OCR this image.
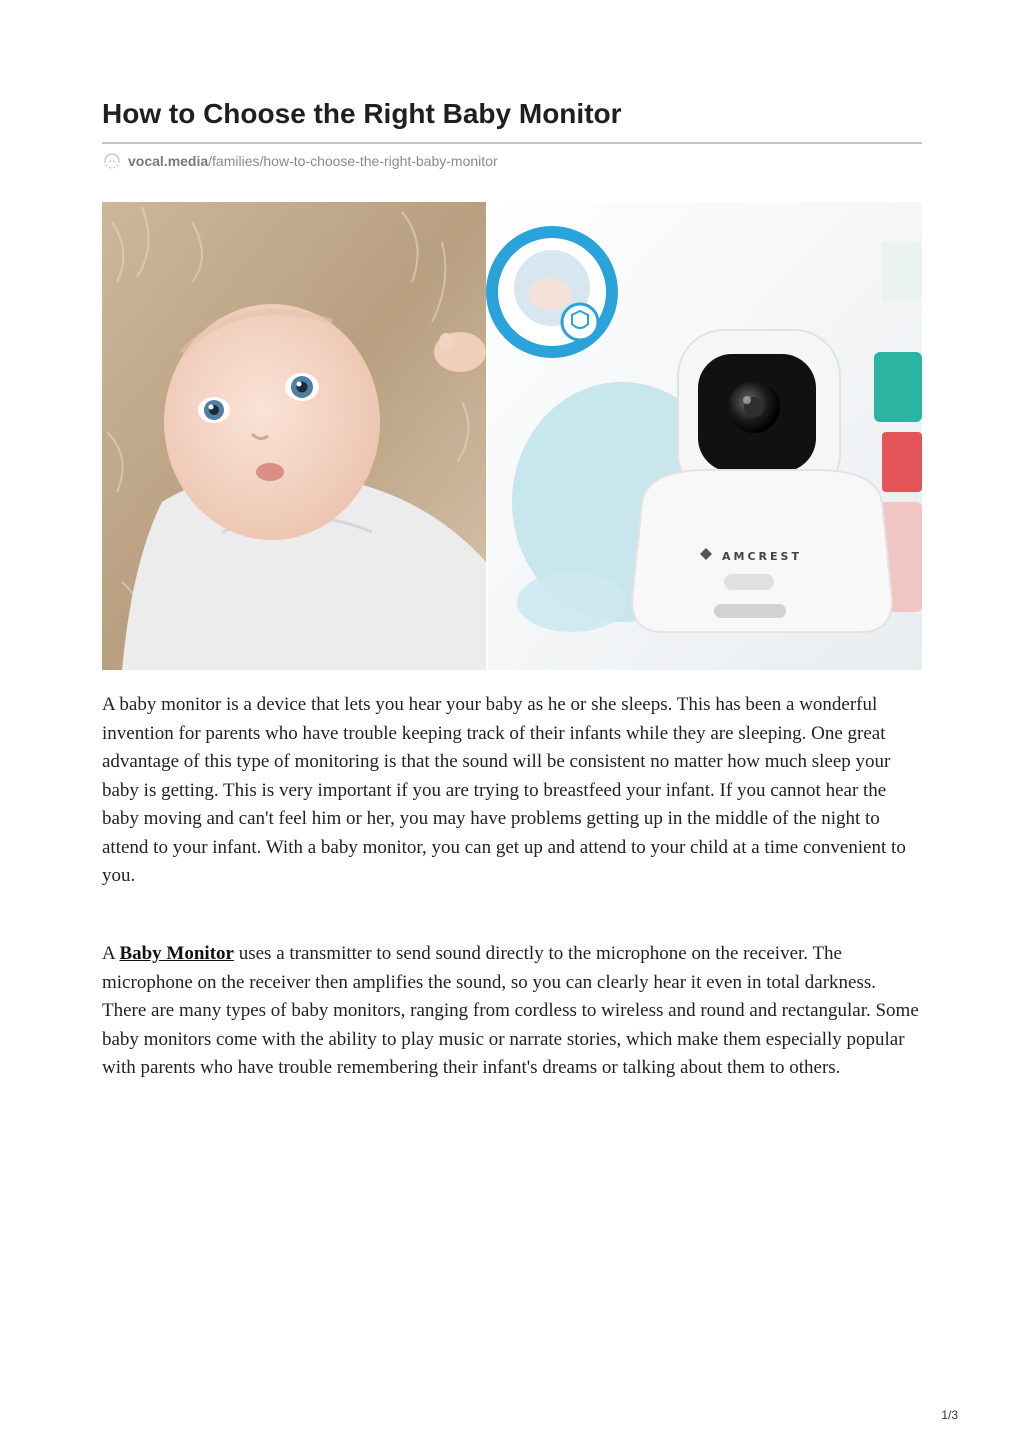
How to Choose the Right Baby Monitor
•• vocal.media /families/how-to-choose-the-right-baby-monitor
AMCREST

A baby monitor is a device that lets you hear your baby as he or she sleeps. This has been a wonderful invention for parents who have trouble keeping track of their infants while they are sleeping. One great advantage of this type of monitoring is that the sound will be consistent no matter how much sleep your baby is getting. This is very important if you are trying to breastfeed your infant. If you cannot hear the baby moving and can't feel him or her, you may have problems getting up in the middle of the night to attend to your infant. With a baby monitor, you can get up and attend to your child at a time convenient to you.

A Baby Monitor uses a transmitter to send sound directly to the microphone on the receiver. The microphone on the receiver then amplifies the sound, so you can clearly hear it even in total darkness. There are many types of baby monitors, ranging from cordless to wireless and round and rectangular. Some baby monitors come with the ability to play music or narrate stories, which make them especially popular with parents who have trouble remembering their infant's dreams or talking about them to others.

1/3
